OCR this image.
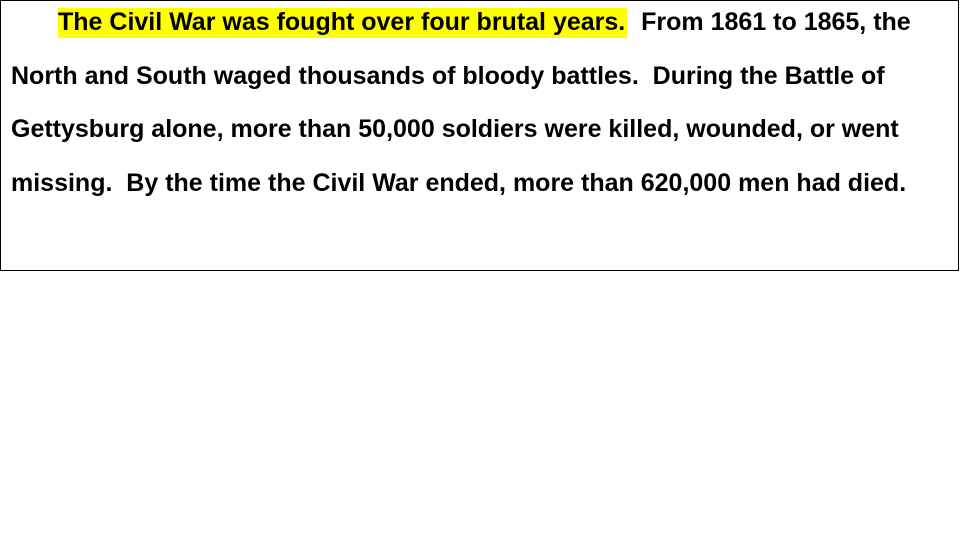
The Civil War was fought over four brutal years.  From 1861 to 1865, the North and South waged thousands of bloody battles.  During the Battle of Gettysburg alone, more than 50,000 soldiers were killed, wounded, or went missing.  By the time the Civil War ended, more than 620,000 men had died.
